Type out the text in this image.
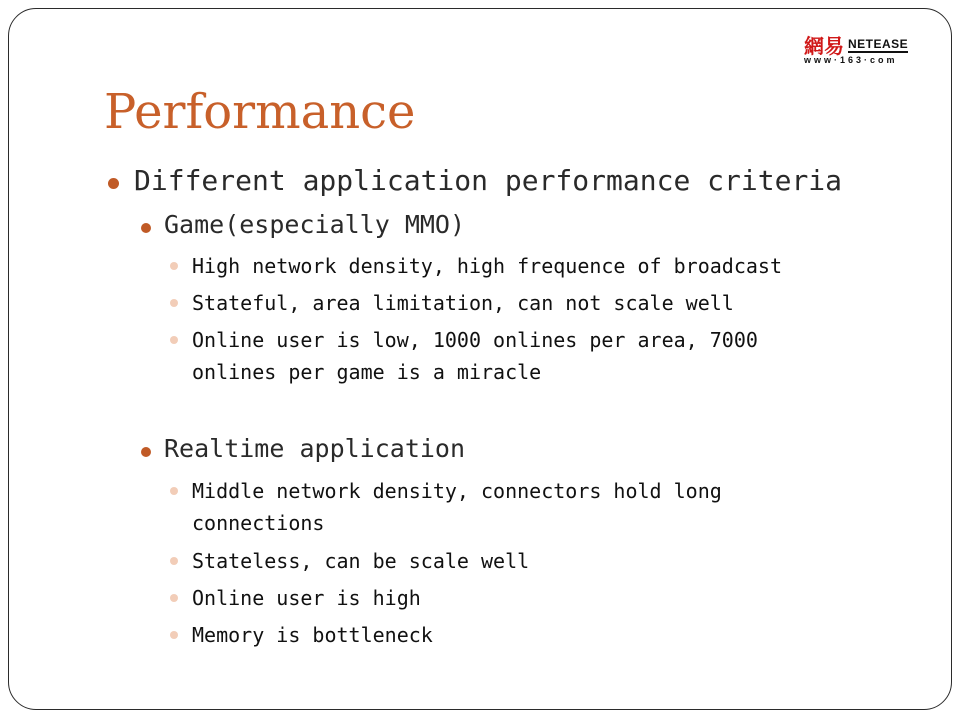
網易 NETEASE
www·163·com
Performance
Different application performance criteria
Game(especially MMO)
High network density, high frequence of broadcast
Stateful, area limitation, can not scale well
Online user is low, 1000 onlines per area, 7000
onlines per game is a miracle
Realtime application
Middle network density, connectors hold long
connections
Stateless, can be scale well
Online user is high
Memory is bottleneck
